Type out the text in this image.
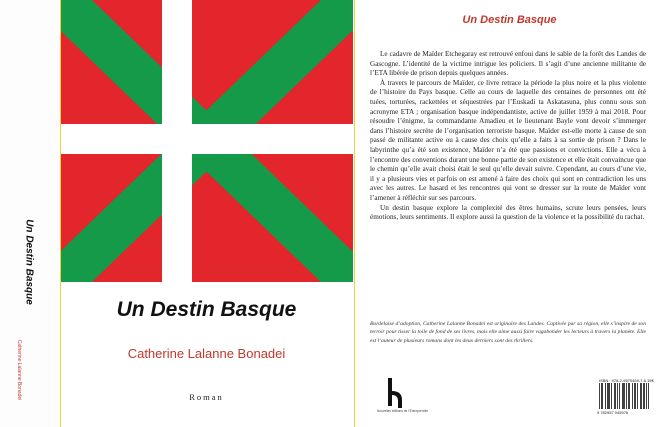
Un Destin Basque
Catherine Lalanne Bonadei
Un Destin Basque
Catherine Lalanne Bonadei
Roman
Un Destin Basque

Le cadavre de Maïder Etchegaray est retrouvé enfoui dans le sable de la forêt des Landes de Gascogne. L’identité de la victime intrigue les policiers. Il s’agit d’une ancienne militante de l’ETA libérée de prison depuis quelques années.

À travers le parcours de Maïder, ce livre retrace la période la plus noire et la plus violente de l’histoire du Pays basque. Celle au cours de laquelle des centaines de personnes ont été tuées, torturées, rackettées et séquestrées par l’Euskadi ta Askatasuna, plus connu sous son acronyme ETA ; organisation basque indépendantiste, active de juillet 1959 à mai 2018. Pour résoudre l’énigme, la commandante Amadieu et le lieutenant Bayle vont devoir s’immerger dans l’histoire secrète de l’organisation terroriste basque. Maïder est-elle morte à cause de son passé de militante active ou à cause des choix qu’elle a faits à sa sortie de prison ? Dans le labyrinthe qu’a été son existence, Maïder n’a été que passions et convictions. Elle a vécu à l’encontre des conventions durant une bonne partie de son existence et elle était convaincue que le chemin qu’elle avait choisi était le seul qu’elle devait suivre. Cependant, au cours d’une vie, il y a plusieurs vies et parfois on est amené à faire des choix qui sont en contradiction les uns avec les autres. Le hasard et les rencontres qui vont se dresser sur la route de Maïder vont l’amener à réfléchir sur ses parcours.

Un destin basque explore la complexité des êtres humains, scrute leurs pensées, leurs émotions, leurs sentiments. Il explore aussi la question de la violence et la possibilité du rachat.

Bordelaise d’adoption, Catherine Lalanne Bonadei est originaire des Landes. Captivée par sa région, elle s’inspire de son terroir pour tisser la toile de fond de ses livres, mais elle aime aussi faire vagabonder les lecteurs à travers la planète. Elle est l’auteur de plusieurs romans dont les deux derniers sont des thrillers.
Nouvelles éditions de l’Entreprendre
ISBN : 978-2-9570459-7-6 15€
9 782957 045976
